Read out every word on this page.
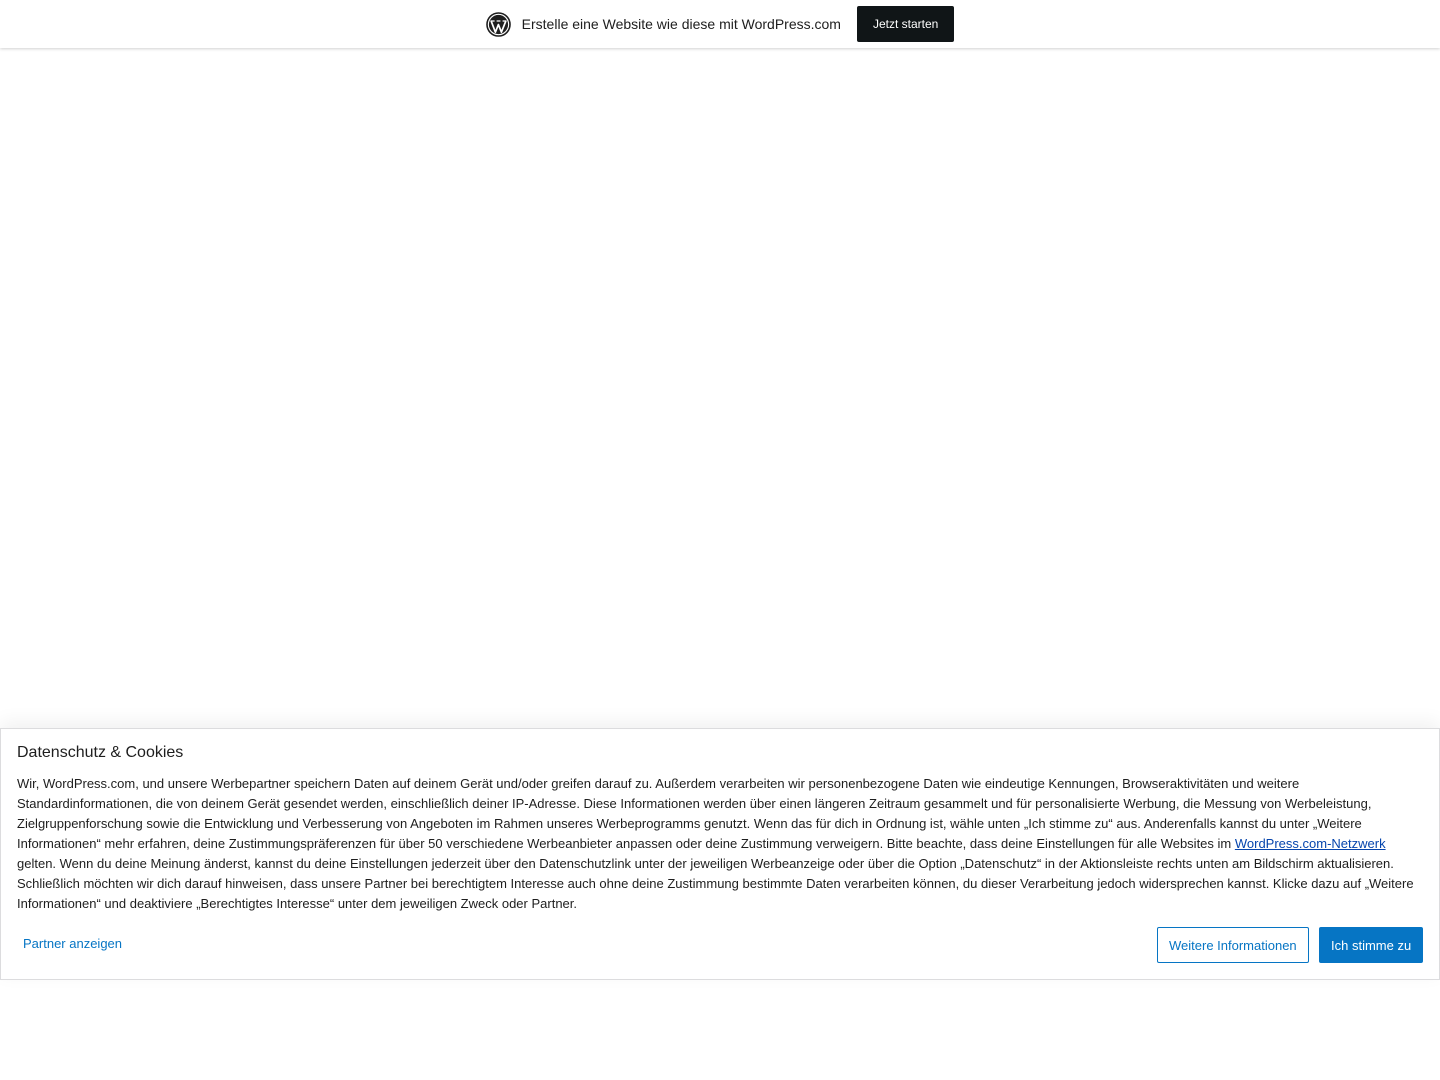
Erstelle eine Website wie diese mit WordPress.com	Jetzt starten
Datenschutz & Cookies

Wir, WordPress.com, und unsere Werbepartner speichern Daten auf deinem Gerät und/oder greifen darauf zu. Außerdem verarbeiten wir personenbezogene Daten wie eindeutige Kennungen, Browseraktivitäten und weitere Standardinformationen, die von deinem Gerät gesendet werden, einschließlich deiner IP-Adresse. Diese Informationen werden über einen längeren Zeitraum gesammelt und für personalisierte Werbung, die Messung von Werbeleistung, Zielgruppenforschung sowie die Entwicklung und Verbesserung von Angeboten im Rahmen unseres Werbeprogramms genutzt. Wenn das für dich in Ordnung ist, wähle unten „Ich stimme zu“ aus. Anderenfalls kannst du unter „Weitere Informationen“ mehr erfahren, deine Zustimmungspräferenzen für über 50 verschiedene Werbeanbieter anpassen oder deine Zustimmung verweigern. Bitte beachte, dass deine Einstellungen für alle Websites im WordPress.com-Netzwerk gelten. Wenn du deine Meinung änderst, kannst du deine Einstellungen jederzeit über den Datenschutzlink unter der jeweiligen Werbeanzeige oder über die Option „Datenschutz“ in der Aktionsleiste rechts unten am Bildschirm aktualisieren. Schließlich möchten wir dich darauf hinweisen, dass unsere Partner bei berechtigtem Interesse auch ohne deine Zustimmung bestimmte Daten verarbeiten können, du dieser Verarbeitung jedoch widersprechen kannst. Klicke dazu auf „Weitere Informationen“ und deaktiviere „Berechtigtes Interesse“ unter dem jeweiligen Zweck oder Partner.

Partner anzeigen	Weitere Informationen	Ich stimme zu
